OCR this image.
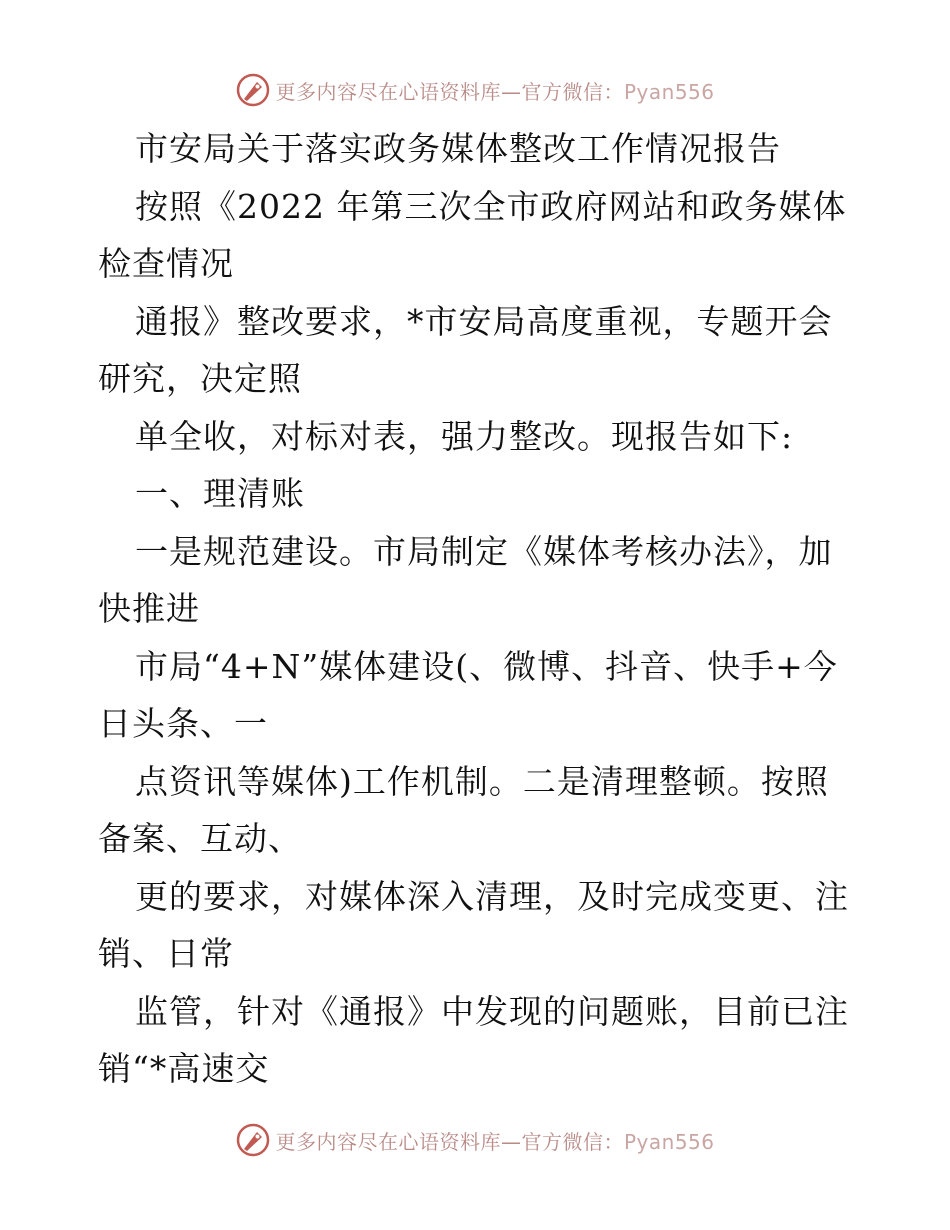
更多内容尽在心语资料库—官方微信：Pyan556
市安局关于落实政务媒体整改工作情况报告
按照《2022 年第三次全市政府网站和政务媒体
检查情况
通报》整改要求，*市安局高度重视，专题开会
研究，决定照
单全收，对标对表，强力整改。现报告如下:
一、理清账
一是规范建设。市局制定《媒体考核办法》，加
快推进
市局“4+N”媒体建设(、微博、抖音、快手+今
日头条、一
点资讯等媒体)工作机制。二是清理整顿。按照
备案、互动、
更的要求，对媒体深入清理，及时完成变更、注
销、日常
监管，针对《通报》中发现的问题账，目前已注
销“*高速交
更多内容尽在心语资料库—官方微信：Pyan556
